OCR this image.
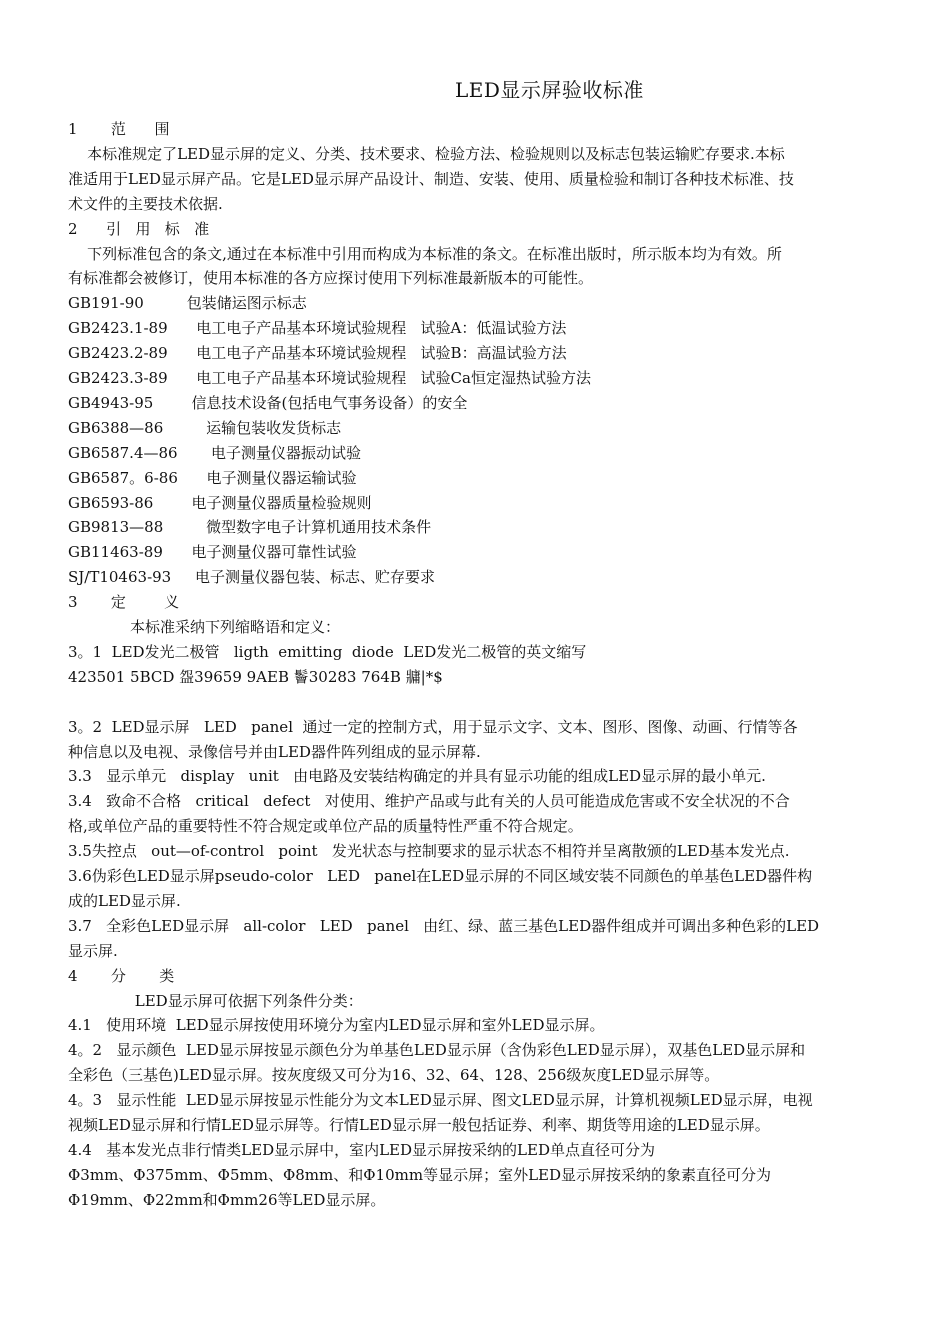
LED显示屏验收标准
1       范      围
本标准规定了LED显示屏的定义、分类、技术要求、检验方法、检验规则以及标志包装运输贮存要求.本标
准适用于LED显示屏产品。它是LED显示屏产品设计、制造、安装、使用、质量检验和制订各种技术标准、技
术文件的主要技术依据.
2      引   用   标   准
下列标准包含的条文,通过在本标准中引用而构成为本标准的条文。在标准出版时，所示版本均为有效。所
有标准都会被修订，使用本标准的各方应探讨使用下列标准最新版本的可能性。
GB191-90         包装储运图示标志
GB2423.1-89      电工电子产品基本环境试验规程   试验A：低温试验方法
GB2423.2-89      电工电子产品基本环境试验规程   试验B：高温试验方法
GB2423.3-89      电工电子产品基本环境试验规程   试验Ca恒定湿热试验方法
GB4943-95        信息技术设备(包括电气事务设备）的安全
GB6388—86         运输包装收发货标志
GB6587.4—86       电子测量仪器振动试验
GB6587。6-86      电子测量仪器运输试验
GB6593-86        电子测量仪器质量检验规则
GB9813—88         微型数字电子计算机通用技术条件
GB11463-89      电子测量仪器可靠性试验
SJ/T10463-93     电子测量仪器包装、标志、贮存要求
3       定        义
本标准采纳下列缩略语和定义：
3。1  LED发光二极管   ligth  emitting  diode  LED发光二极管的英文缩写
423501 5BCD 盌39659 9AEB 鬠30283 764B 牅|*$
3。2  LED显示屏   LED   panel  通过一定的控制方式，用于显示文字、文本、图形、图像、动画、行情等各
种信息以及电视、录像信号并由LED器件阵列组成的显示屏幕.
3.3   显示单元   display   unit   由电路及安装结构确定的并具有显示功能的组成LED显示屏的最小单元.
3.4   致命不合格   critical   defect   对使用、维护产品或与此有关的人员可能造成危害或不安全状况的不合
格,或单位产品的重要特性不符合规定或单位产品的质量特性严重不符合规定。
3.5失控点   out—of-control   point   发光状态与控制要求的显示状态不相符并呈离散颁的LED基本发光点.
3.6伪彩色LED显示屏pseudo-color   LED   panel在LED显示屏的不同区域安装不同颜色的单基色LED器件构
成的LED显示屏.
3.7   全彩色LED显示屏   all-color   LED   panel   由红、绿、蓝三基色LED器件组成并可调出多种色彩的LED
显示屏.
4       分       类
LED显示屏可依据下列条件分类：
4.1   使用环境  LED显示屏按使用环境分为室内LED显示屏和室外LED显示屏。
4。2   显示颜色  LED显示屏按显示颜色分为单基色LED显示屏（含伪彩色LED显示屏），双基色LED显示屏和
全彩色（三基色)LED显示屏。按灰度级又可分为16、32、64、128、256级灰度LED显示屏等。
4。3   显示性能  LED显示屏按显示性能分为文本LED显示屏、图文LED显示屏，计算机视频LED显示屏，电视
视频LED显示屏和行情LED显示屏等。行情LED显示屏一般包括证券、利率、期货等用途的LED显示屏。
4.4   基本发光点非行情类LED显示屏中，室内LED显示屏按采纳的LED单点直径可分为
Φ3mm、Φ375mm、Φ5mm、Φ8mm、和Φ10mm等显示屏；室外LED显示屏按采纳的象素直径可分为
Φ19mm、Φ22mm和Φmm26等LED显示屏。
